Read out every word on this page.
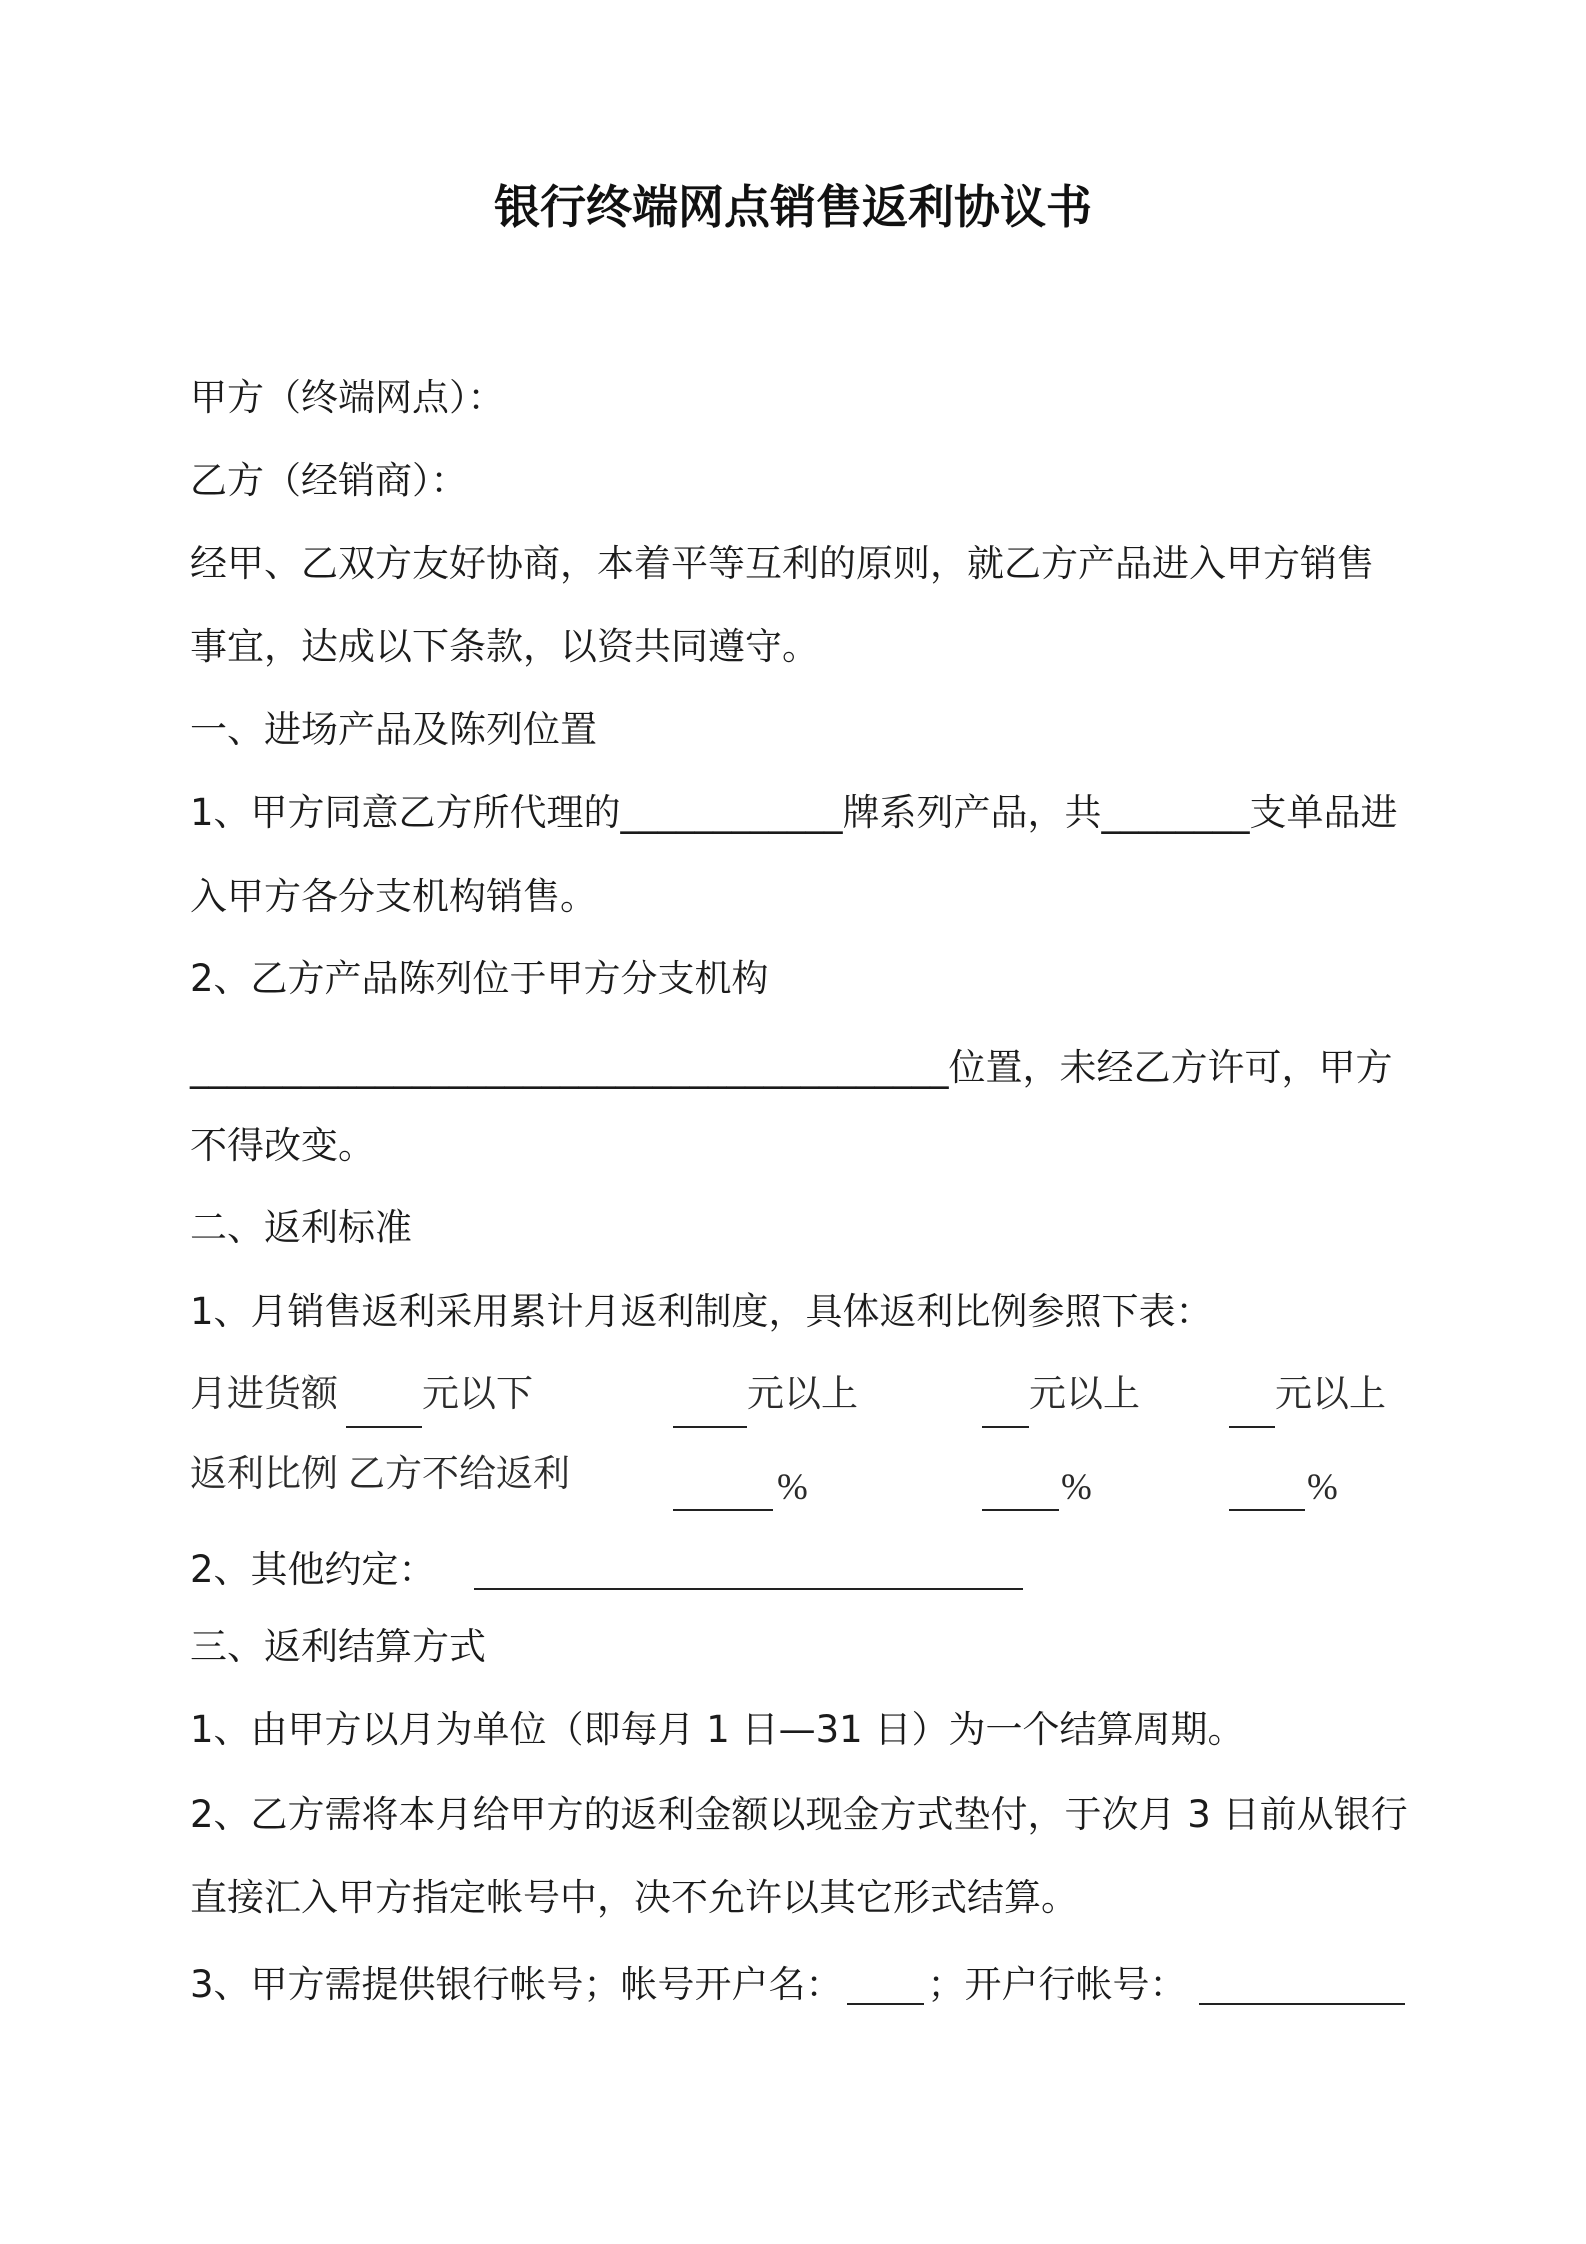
银行终端网点销售返利协议书
甲方（终端网点）：
乙方（经销商）：
经甲、乙双方友好协商，本着平等互利的原则，就乙方产品进入甲方销售
事宜，达成以下条款，以资共同遵守。
一、进场产品及陈列位置
1、甲方同意乙方所代理的____________牌系列产品，共________支单品进
入甲方各分支机构销售。
2、乙方产品陈列位于甲方分支机构
_________________________________________位置，未经乙方许可，甲方
不得改变。
二、返利标准
1、月销售返利采用累计月返利制度，具体返利比例参照下表：
月进货额 元以下	元以上	元以上	元以上
返利比例 乙方不给返利	%	%	%
2、其他约定：
三、返利结算方式
1、由甲方以月为单位（即每月 1 日—31 日）为一个结算周期。
2、乙方需将本月给甲方的返利金额以现金方式垫付，于次月 3 日前从银行
直接汇入甲方指定帐号中，决不允许以其它形式结算。
3、甲方需提供银行帐号；帐号开户名： ；开户行帐号：
